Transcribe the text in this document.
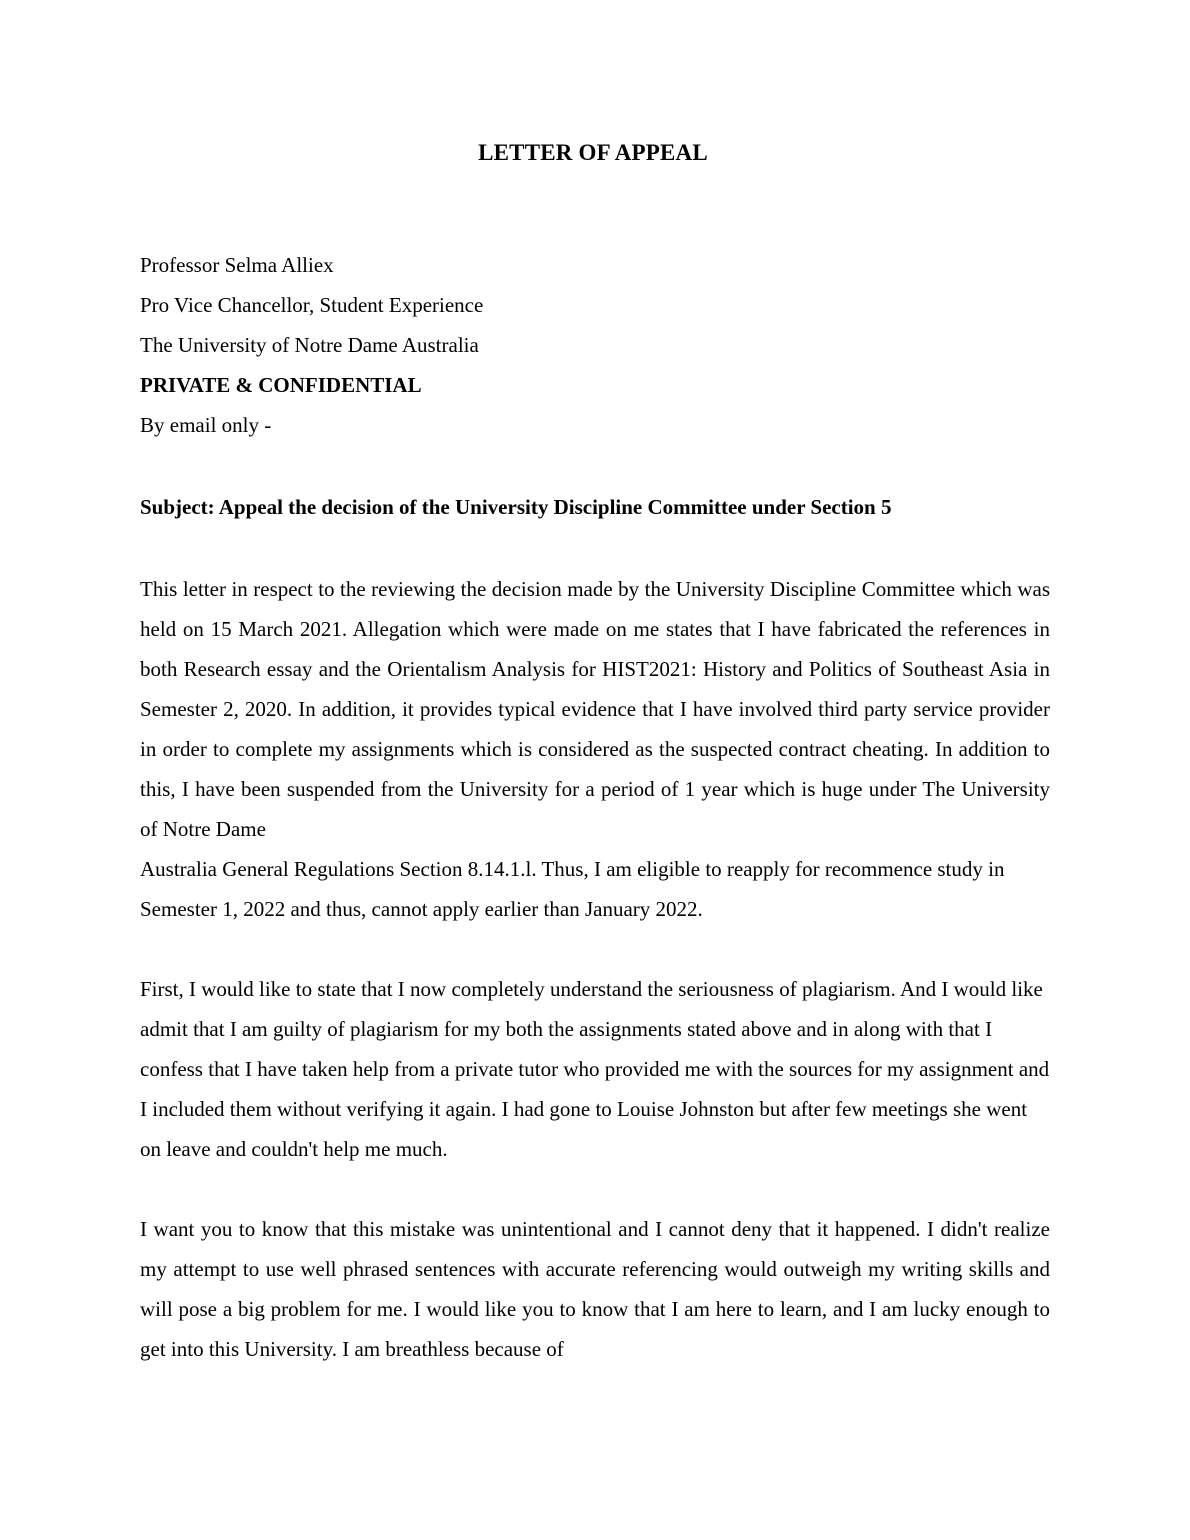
LETTER OF APPEAL
Professor Selma Alliex
Pro Vice Chancellor, Student Experience
The University of Notre Dame Australia
PRIVATE & CONFIDENTIAL
By email only -
Subject: Appeal the decision of the University Discipline Committee under Section 5
This letter in respect to the reviewing the decision made by the University Discipline Committee which was held on 15 March 2021. Allegation which were made on me states that I have fabricated the references in both Research essay and the Orientalism Analysis for HIST2021: History and Politics of Southeast Asia in Semester 2, 2020. In addition, it provides typical evidence that I have involved third party service provider in order to complete my assignments which is considered as the suspected contract cheating. In addition to this, I have been suspended from the University for a period of 1 year which is huge under The University of Notre Dame
Australia General Regulations Section 8.14.1.l. Thus, I am eligible to reapply for recommence study in Semester 1, 2022 and thus, cannot apply earlier than January 2022.
First, I would like to state that I now completely understand the seriousness of plagiarism. And I would like admit that I am guilty of plagiarism for my both the assignments stated above and in along with that I confess that I have taken help from a private tutor who provided me with the sources for my assignment and I included them without verifying it again. I had gone to Louise Johnston but after few meetings she went on leave and couldn't help me much.
I want you to know that this mistake was unintentional and I cannot deny that it happened. I didn't realize my attempt to use well phrased sentences with accurate referencing would outweigh my writing skills and will pose a big problem for me. I would like you to know that I am here to learn, and I am lucky enough to get into this University. I am breathless because of
